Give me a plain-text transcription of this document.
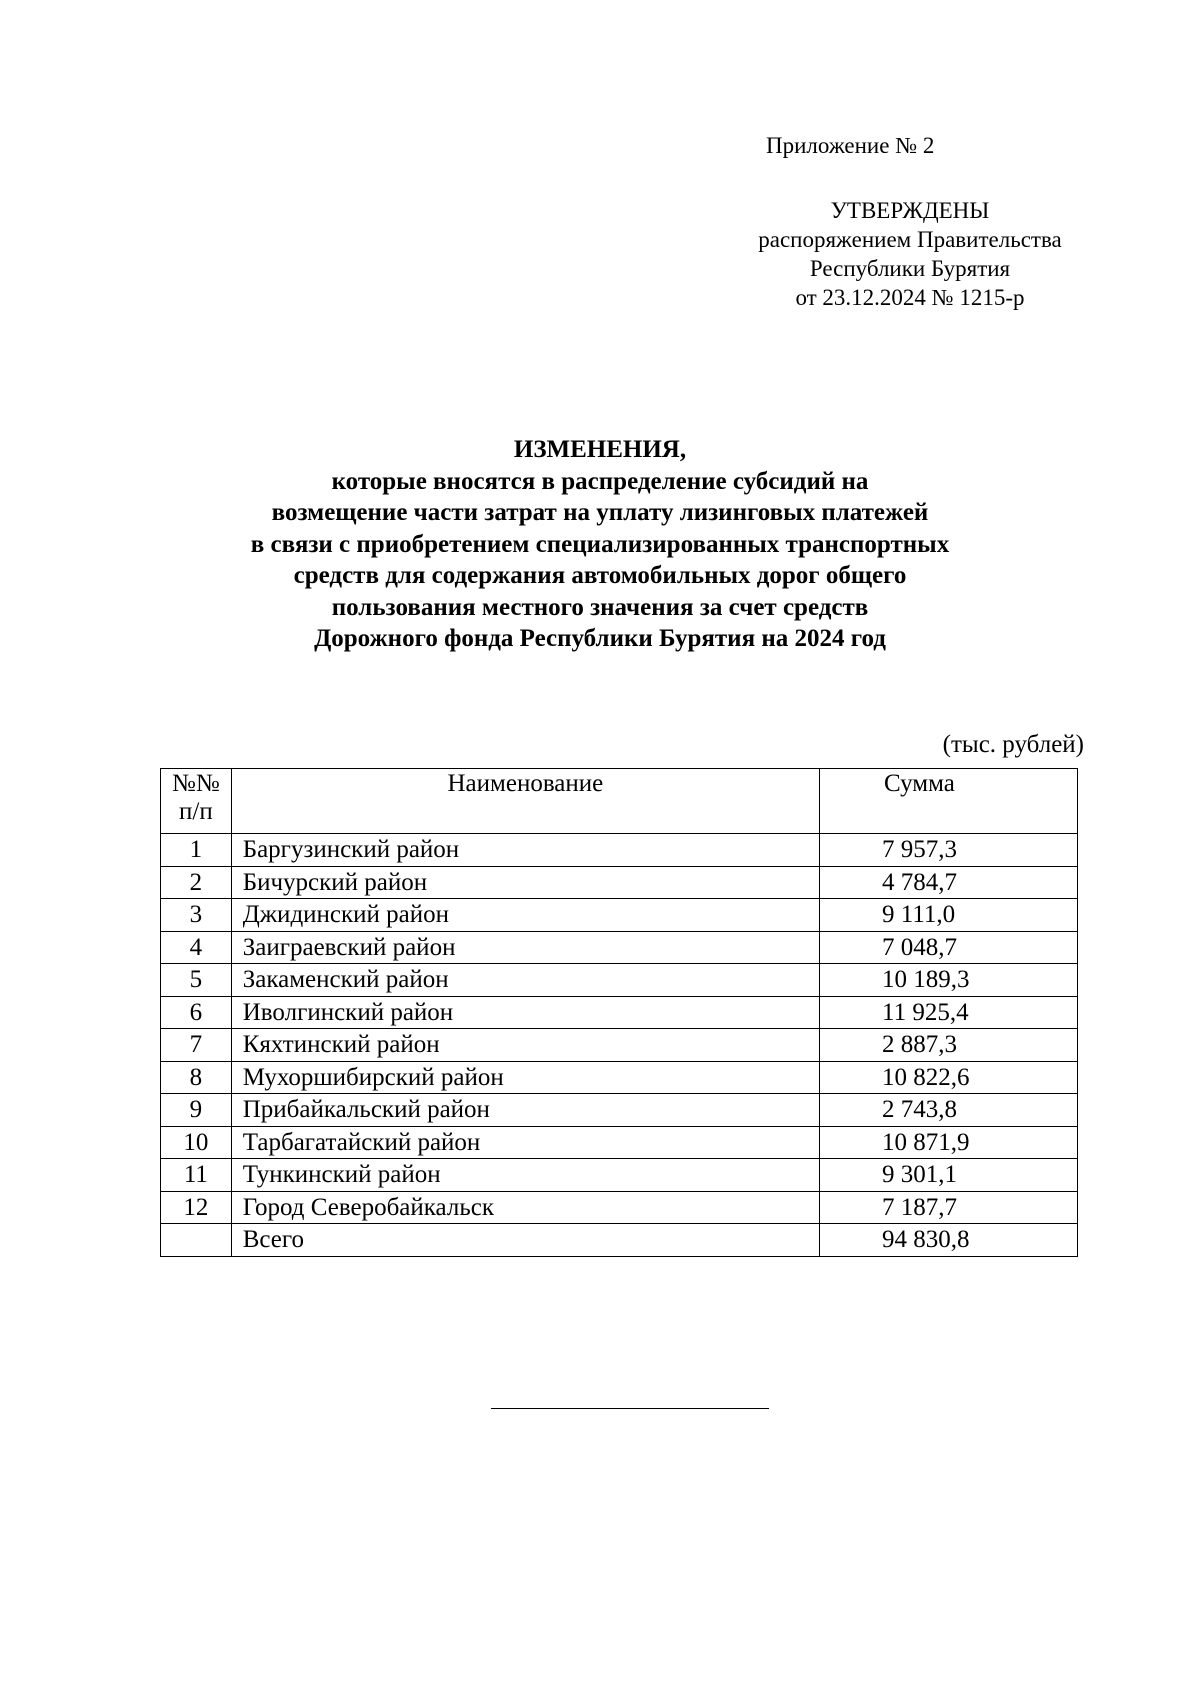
Приложение № 2
УТВЕРЖДЕНЫ
распоряжением Правительства
Республики Бурятия
от 23.12.2024 № 1215-р
ИЗМЕНЕНИЯ,
которые вносятся в распределение субсидий на
возмещение части затрат на уплату лизинговых платежей
в связи с приобретением специализированных транспортных
средств для содержания автомобильных дорог общего
пользования местного значения за счет средств
Дорожного фонда Республики Бурятия на 2024 год
(тыс. рублей)
№№
п/п	Наименование	Сумма
1	Баргузинский район	7 957,3
2	Бичурский район	4 784,7
3	Джидинский район	9 111,0
4	Заиграевский район	7 048,7
5	Закаменский район	10 189,3
6	Иволгинский район	11 925,4
7	Кяхтинский район	2 887,3
8	Мухоршибирский район	10 822,6
9	Прибайкальский район	2 743,8
10	Тарбагатайский район	10 871,9
11	Тункинский район	9 301,1
12	Город Северобайкальск	7 187,7
	Всего	94 830,8
